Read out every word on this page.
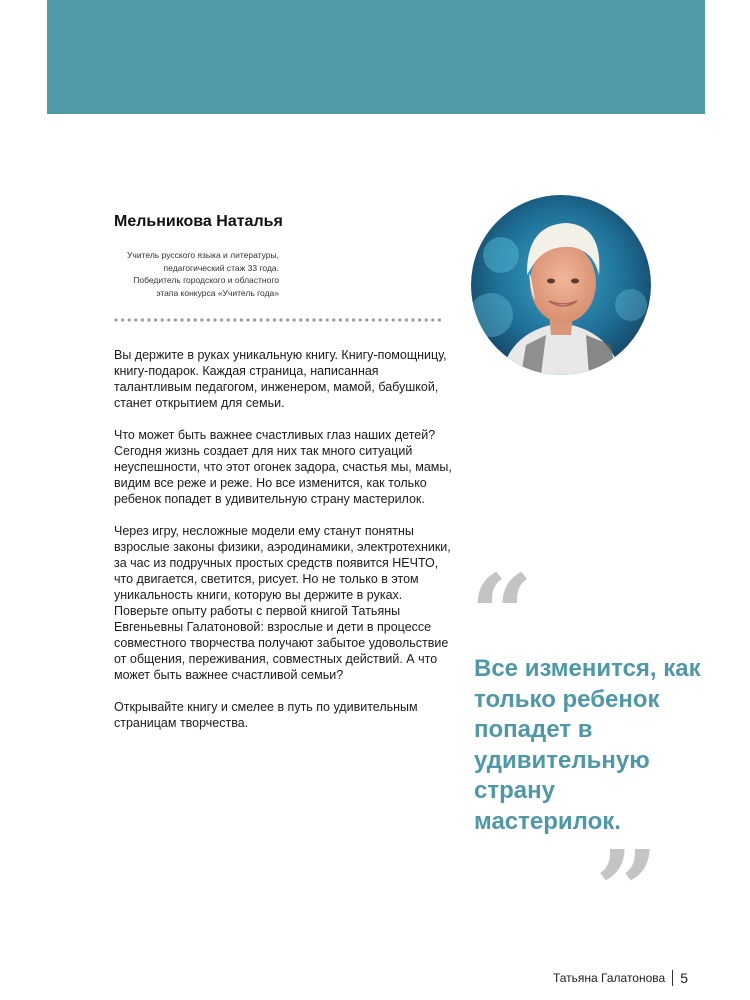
Мельникова Наталья
Учитель русского языка и литературы,
педагогический стаж 33 года.
Победитель городского и областного
этапа конкурса «Учитель года»

Вы держите в руках уникальную книгу. Книгу-помощницу, книгу-подарок. Каждая страница, написанная талантливым педагогом, инженером, мамой, бабушкой, станет открытием для семьи.

Что может быть важнее счастливых глаз наших детей?

Сегодня жизнь создает для них так много ситуаций неуспешности, что этот огонек задора, счастья мы, мамы, видим все реже и реже. Но все изменится, как только ребенок попадет в удивительную страну мастерилок.

Через игру, несложные модели ему станут понятны взрослые законы физики, аэродинамики, электротехники, за час из подручных простых средств появится НЕЧТО, что двигается, светится, рисует. Но не только в этом уникальность книги, которую вы держите в руках. Поверьте опыту работы с первой книгой Татьяны Евгеньевны Галатоновой: взрослые и дети в процессе совместного творчества получают забытое удовольствие от общения, переживания, совместных действий. А что может быть важнее счастливой семьи?

Открывайте книгу и смелее в путь по удивительным страницам творчества.

“
Все изменится, как только ребенок попадет в удивительную страну мастерилок.
”
Татьяна Галатонова 5
